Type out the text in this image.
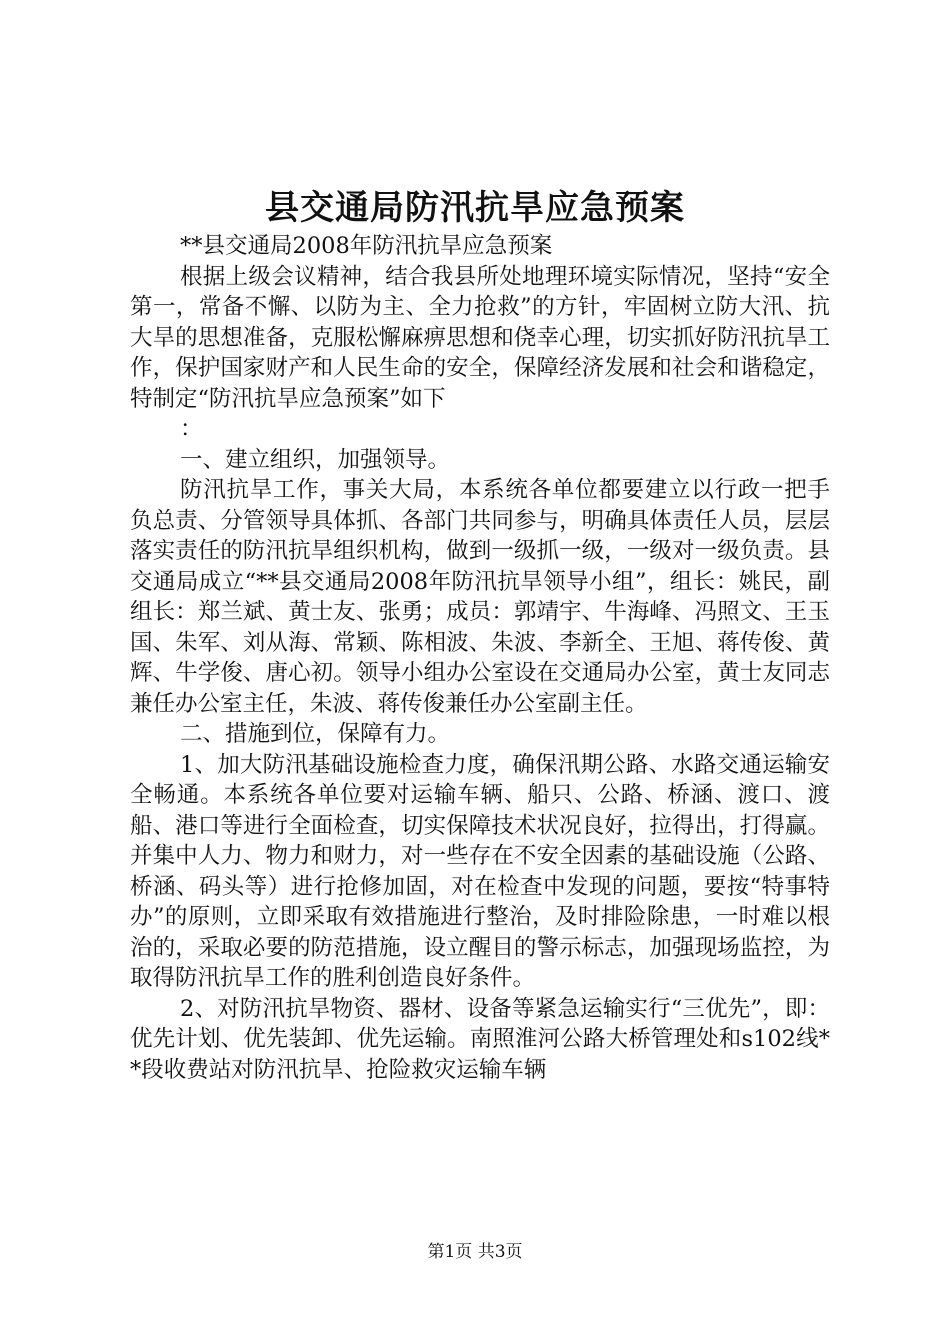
县交通局防汛抗旱应急预案

**县交通局2008年防汛抗旱应急预案

根据上级会议精神，结合我县所处地理环境实际情况，坚持“安全第一，常备不懈、以防为主、全力抢救”的方针，牢固树立防大汛、抗大旱的思想准备，克服松懈麻痹思想和侥幸心理，切实抓好防汛抗旱工作，保护国家财产和人民生命的安全，保障经济发展和社会和谐稳定，特制定“防汛抗旱应急预案”如下

：

一、建立组织，加强领导。

防汛抗旱工作，事关大局，本系统各单位都要建立以行政一把手负总责、分管领导具体抓、各部门共同参与，明确具体责任人员，层层落实责任的防汛抗旱组织机构，做到一级抓一级，一级对一级负责。县交通局成立“**县交通局2008年防汛抗旱领导小组”，组长：姚民，副组长：郑兰斌、黄士友、张勇；成员：郭靖宇、牛海峰、冯照文、王玉国、朱军、刘从海、常颖、陈相波、朱波、李新全、王旭、蒋传俊、黄辉、牛学俊、唐心初。领导小组办公室设在交通局办公室，黄士友同志兼任办公室主任，朱波、蒋传俊兼任办公室副主任。

二、措施到位，保障有力。

1、加大防汛基础设施检查力度，确保汛期公路、水路交通运输安全畅通。本系统各单位要对运输车辆、船只、公路、桥涵、渡口、渡船、港口等进行全面检查，切实保障技术状况良好，拉得出，打得赢。并集中人力、物力和财力，对一些存在不安全因素的基础设施（公路、桥涵、码头等）进行抢修加固，对在检查中发现的问题，要按“特事特办”的原则，立即采取有效措施进行整治，及时排险除患，一时难以根治的，采取必要的防范措施，设立醒目的警示标志，加强现场监控，为取得防汛抗旱工作的胜利创造良好条件。

2、对防汛抗旱物资、器材、设备等紧急运输实行“三优先”，即：优先计划、优先装卸、优先运输。南照淮河公路大桥管理处和s102线**段收费站对防汛抗旱、抢险救灾运输车辆

第1页 共3页
